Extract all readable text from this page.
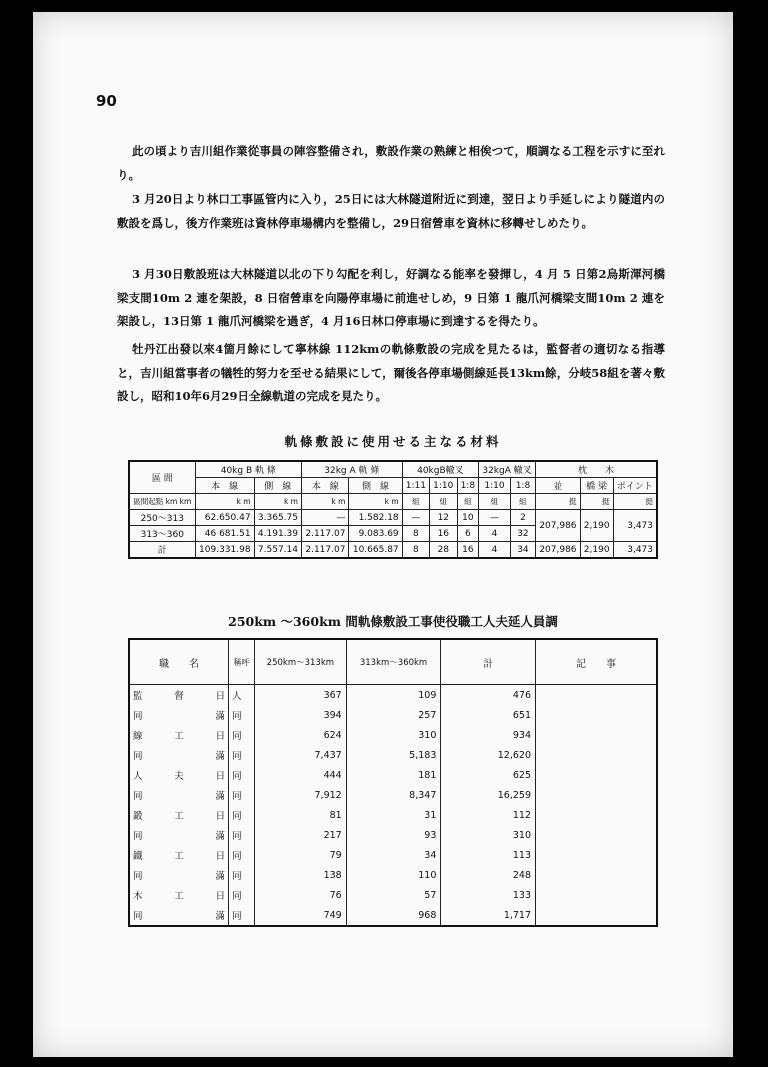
90
此の頃より吉川組作業從事員の陣容整備され，敷設作業の熟練と相俟つて，順調なる工程を示すに至れり。
3 月20日より林口工事區管内に入り，25日には大林隧道附近に到達，翌日より手延しにより隧道内の敷設を爲し，後方作業班は資林停車場構内を整備し，29日宿營車を資林に移轉せしめたり。
3 月30日敷設班は大林隧道以北の下り勾配を利し，好調なる能率を發揮し，4 月 5 日第2烏斯渾河橋梁支間10m 2 連を架設，8 日宿營車を向陽停車場に前進せしめ，9 日第 1 龍爪河橋梁支間10m 2 連を架設し，13日第 1 龍爪河橋梁を過ぎ，4 月16日林口停車場に到達するを得たり。
牡丹江出發以來4箇月餘にして寧林線 112kmの軌條敷設の完成を見たるは，監督者の適切なる指導と，吉川組當事者の犠牲的努力を至せる結果にして，爾後各停車場側線延長13km餘，分岐58組を著々敷設し，昭和10年6月29日全線軌道の完成を見たり。
軌條敷設に使用せる主なる材料
區 間	40kg B 軌 條		32kg A 軌 條		40kgB轍叉			32kgA 轍叉		枕　　木		
	本　線	側　線	本　線	側　線	1:11	1:10	1:8	1:10	1:8	並	橋 梁	ポイント
區間起點 km km	k m	k m	k m	k m	組	組	組	組	組	挺	挺	挺
250〜313	62.650.47	3.365.75	—	1.582.18	—	12	10	—	2	207,986	2,190	3,473
313〜360	46 681.51	4.191.39	2.117.07	9.083.69	8	16	6	4	32			
計	109.331.98	7.557.14	2.117.07	10.665.87	8	28	16	4	34	207,986	2,190	3,473
250km 〜360km 間軌條敷設工事使役職工人夫延人員調
職　　名	稱呼	250km〜313km	313km〜360km	計	記　　事

監 督 日	人	367	109	476	

同 滿	同	394	257	651	

線 工 日	同	624	310	934	

同 滿	同	7,437	5,183	12,620	

人 夫 日	同	444	181	625	

同 滿	同	7,912	8,347	16,259	

鍛 工 日	同	81	31	112	

同 滿	同	217	93	310	

鐵 工 日	同	79	34	113	

同 滿	同	138	110	248	

木 工 日	同	76	57	133	

同 滿	同	749	968	1,717	
